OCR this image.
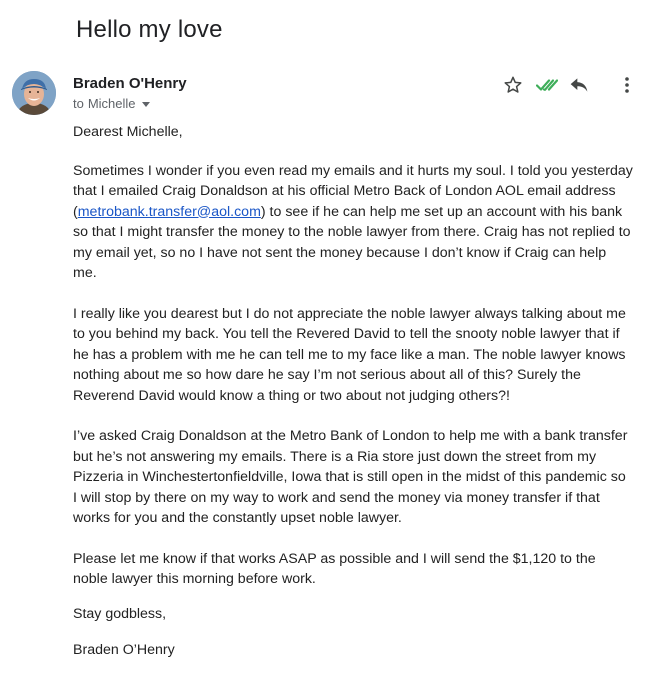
Hello my love
Braden O'Henry
to Michelle

Dearest Michelle,

Sometimes I wonder if you even read my emails and it hurts my soul. I told you yesterday that I emailed Craig Donaldson at his official Metro Back of London AOL email address (metrobank.transfer@aol.com) to see if he can help me set up an account with his bank so that I might transfer the money to the noble lawyer from there. Craig has not replied to my email yet, so no I have not sent the money because I don’t know if Craig can help me.

I really like you dearest but I do not appreciate the noble lawyer always talking about me to you behind my back. You tell the Revered David to tell the snooty noble lawyer that if he has a problem with me he can tell me to my face like a man. The noble lawyer knows nothing about me so how dare he say I’m not serious about all of this? Surely the Reverend David would know a thing or two about not judging others?!

I’ve asked Craig Donaldson at the Metro Bank of London to help me with a bank transfer but he’s not answering my emails. There is a Ria store just down the street from my Pizzeria in Winchestertonfieldville, Iowa that is still open in the midst of this pandemic so I will stop by there on my way to work and send the money via money transfer if that works for you and the constantly upset noble lawyer.

Please let me know if that works ASAP as possible and I will send the $1,120 to the noble lawyer this morning before work.

Stay godbless,

Braden O’Henry
